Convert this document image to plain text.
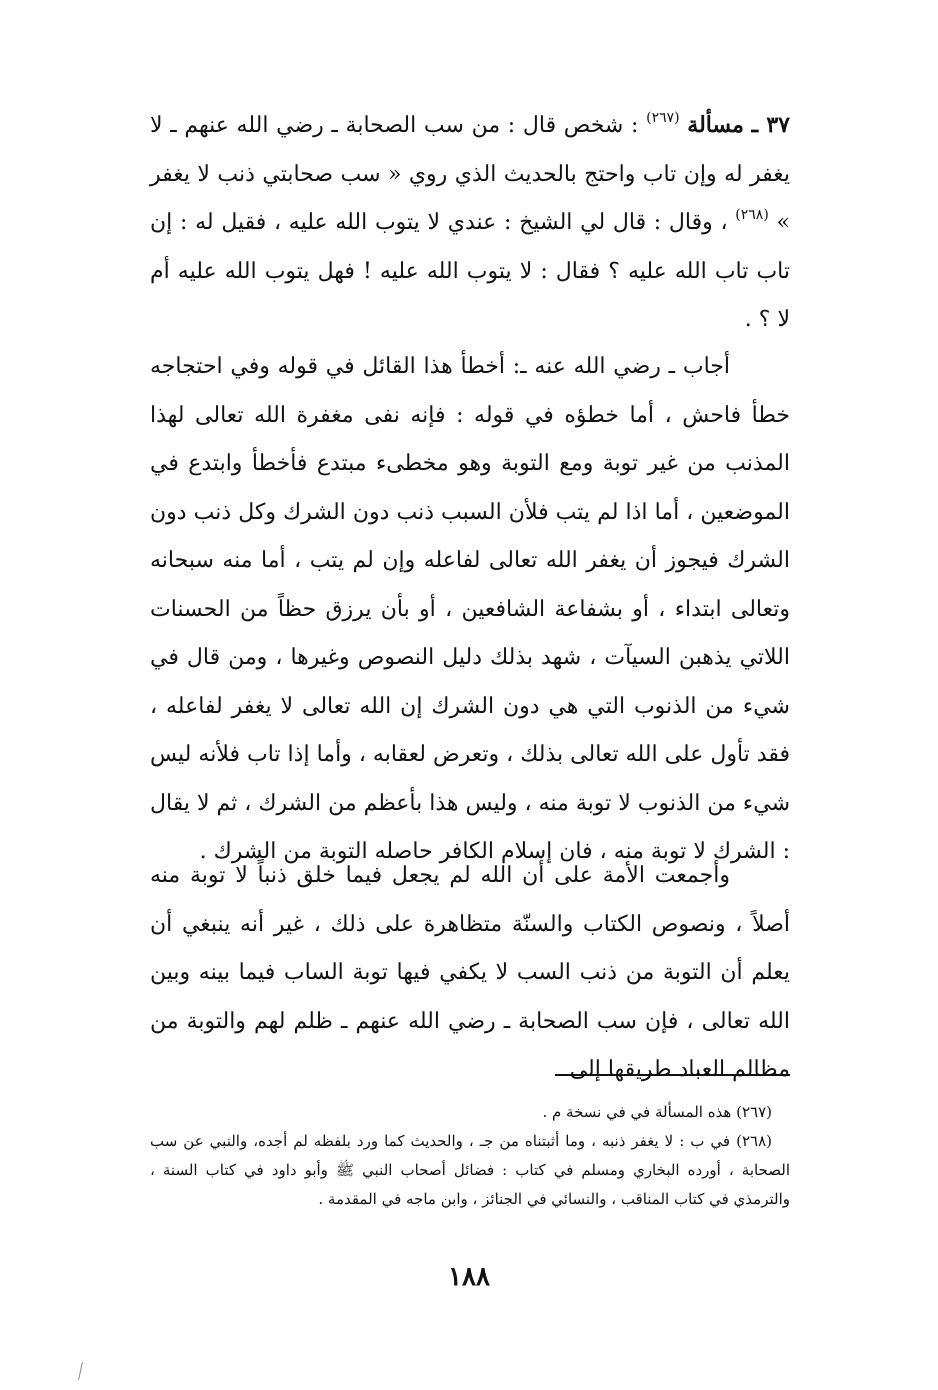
٣٧ ـ مسألة $^{(٢٦٧)}$ : شخص قال : من سب الصحابة ـ رضي الله عنهم ـ لا يغفر له وإن تاب واحتج بالحديث الذي روي « سب صحابتي ذنب لا يغفر » $^{(٢٦٨)}$ ، وقال : قال لي الشيخ : عندي لا يتوب الله عليه ، فقيل له : إن تاب تاب الله عليه ؟ فقال : لا يتوب الله عليه ! فهل يتوب الله عليه أم لا ؟ .

أجاب ـ رضي الله عنه ـ: أخطأ هذا القائل في قوله وفي احتجاجه خطأ فاحش ، أما خطؤه في قوله : فإنه نفى مغفرة الله تعالى لهذا المذنب من غير توبة ومع التوبة وهو مخطىء مبتدع فأخطأ وابتدع في الموضعين ، أما اذا لم يتب فلأن السبب ذنب دون الشرك وكل ذنب دون الشرك فيجوز أن يغفر الله تعالى لفاعله وإن لم يتب ، أما منه سبحانه وتعالى ابتداء ، أو بشفاعة الشافعين ، أو بأن يرزق حظاً من الحسنات اللاتي يذهبن السيآت ، شهد بذلك دليل النصوص وغيرها ، ومن قال في شيء من الذنوب التي هي دون الشرك إن الله تعالى لا يغفر لفاعله ، فقد تأول على الله تعالى بذلك ، وتعرض لعقابه ، وأما إذا تاب فلأنه ليس شيء من الذنوب لا توبة منه ، وليس هذا بأعظم من الشرك ، ثم لا يقال : الشرك لا توبة منه ، فان إسلام الكافر حاصله التوبة من الشرك .

وأجمعت الأمة على أن الله لم يجعل فيما خلق ذنباً لا توبة منه أصلاً ، ونصوص الكتاب والسنّة متظاهرة على ذلك ، غير أنه ينبغي أن يعلم أن التوبة من ذنب السب لا يكفي فيها توبة الساب فيما بينه وبين الله تعالى ، فإن سب الصحابة ـ رضي الله عنهم ـ ظلم لهم والتوبة من مظالم العباد طريقها إلى

(٢٦٧) هذه المسألة في في نسخة م .

(٢٦٨) في ب : لا يغفر ذنبه ، وما أثبتناه من جـ ، والحديث كما ورد بلفظه لم أجده، والنبي عن سب الصحابة ، أورده البخاري ومسلم في كتاب : فضائل أصحاب النبي ﷺ وأبو داود في كتاب السنة ، والترمذي في كتاب المناقب ، والنسائي في الجنائز ، وابن ماجه في المقدمة .

١٨٨
